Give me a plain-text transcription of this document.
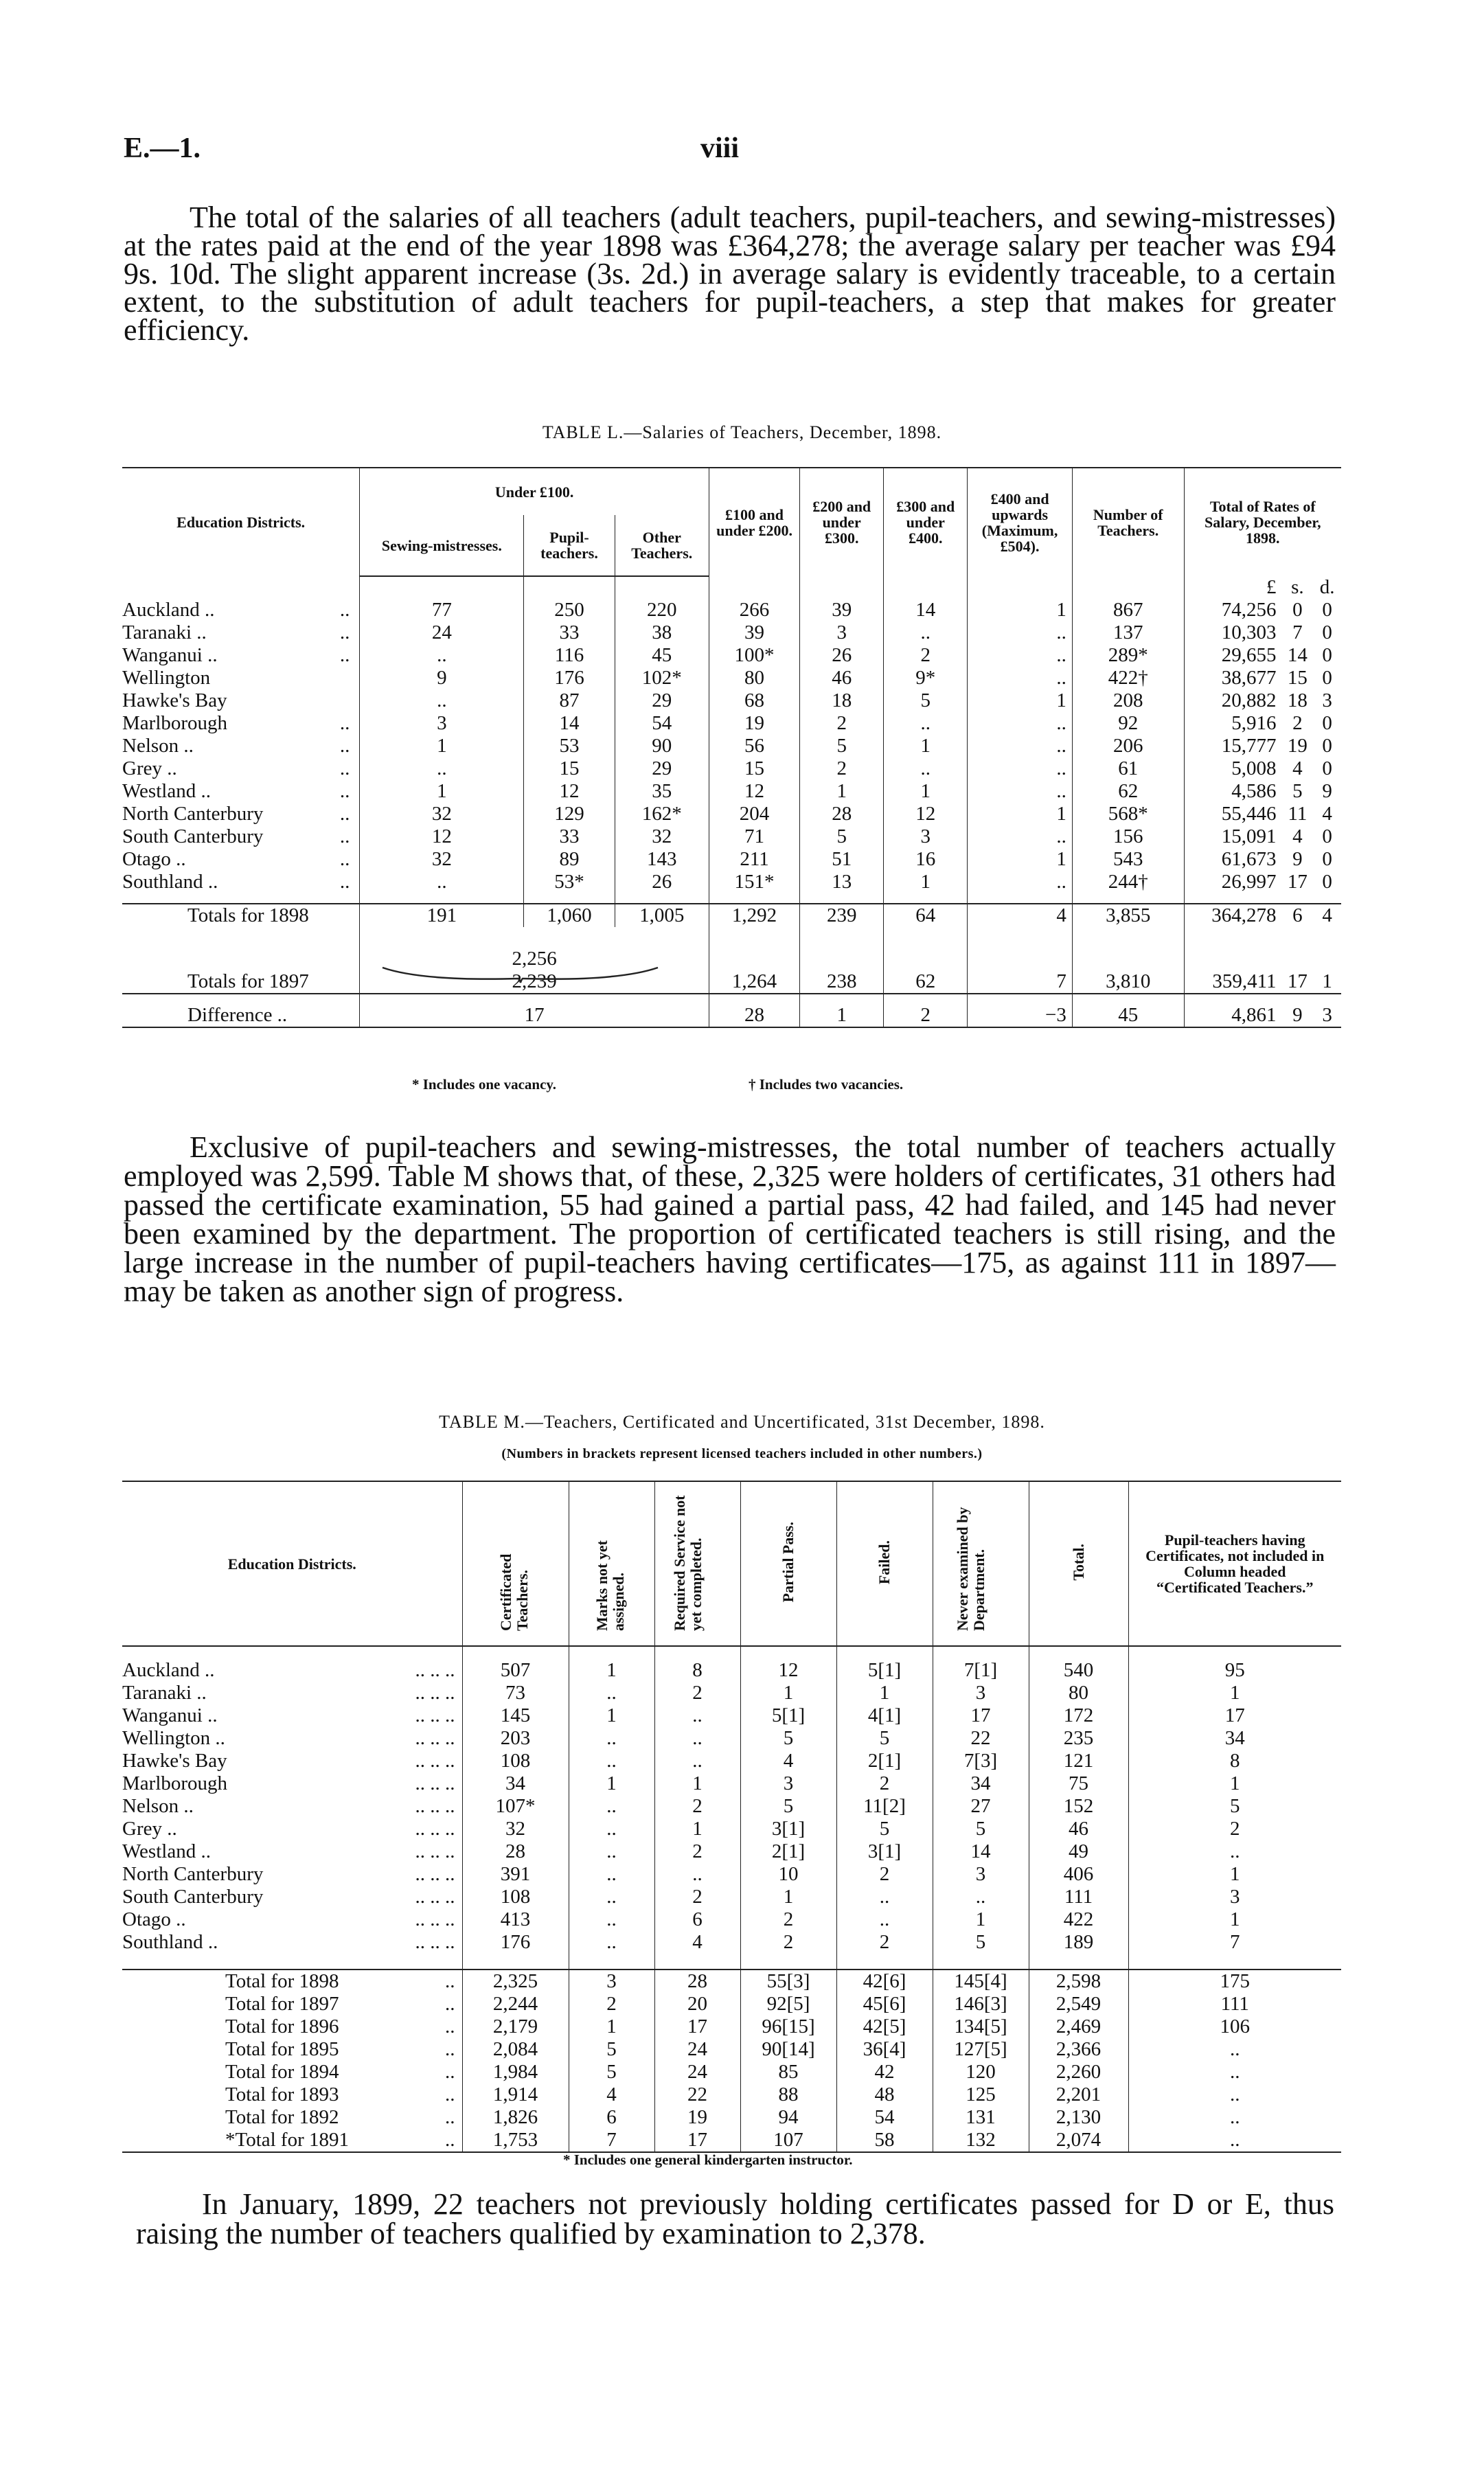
E.—1.	viii

The total of the salaries of all teachers (adult teachers, pupil-teachers, and sewing-mistresses) at the rates paid at the end of the year 1898 was £364,278; the average salary per teacher was £94 9s. 10d. The slight apparent increase (3s. 2d.) in average salary is evidently traceable, to a certain extent, to the substitution of adult teachers for pupil-teachers, a step that makes for greater efficiency.

TABLE L.—Salaries of Teachers, December, 1898.
Education Districts.	Under £100.			£100 and under £200.	£200 and under £300.	£300 and under £400.	£400 and upwards (Maximum, £504).	Number of Teachers.	Total of Rates of Salary, December, 1898.		
	Sewing-mistresses.	Pupil-teachers.	Other Teachers.								
									£	s.	d.
Auckland .. ..	77	250	220	266	39	14	1	867	74,256	0	0
Taranaki .. ..	24	33	38	39	3	..	..	137	10,303	7	0
Wanganui .. ..	..	116	45	100*	26	2	..	289*	29,655	14	0
Wellington	9	176	102*	80	46	9*	..	422†	38,677	15	0
Hawke's Bay	..	87	29	68	18	5	1	208	20,882	18	3
Marlborough ..	3	14	54	19	2	..	..	92	5,916	2	0
Nelson .. ..	1	53	90	56	5	1	..	206	15,777	19	0
Grey .. ..	..	15	29	15	2	..	..	61	5,008	4	0
Westland .. ..	1	12	35	12	1	1	..	62	4,586	5	9
North Canterbury ..	32	129	162*	204	28	12	1	568*	55,446	11	4
South Canterbury ..	12	33	32	71	5	3	..	156	15,091	4	0
Otago .. ..	32	89	143	211	51	16	1	543	61,673	9	0
Southland .. ..	..	53*	26	151*	13	1	..	244†	26,997	17	0

Totals for 1898	191	1,060	1,005	1,292	239	64	4	3,855	364,278	6	4

	2,256										
Totals for 1897	2,239			1,264	238	62	7	3,810	359,411	17	1

Difference ..	17			28	1	2	−3	45	4,861	9	3
* Includes one vacancy.	† Includes two vacancies.

Exclusive of pupil-teachers and sewing-mistresses, the total number of teachers actually employed was 2,599. Table M shows that, of these, 2,325 were holders of certificates, 31 others had passed the certificate examination, 55 had gained a partial pass, 42 had failed, and 145 had never been examined by the department. The proportion of certificated teachers is still rising, and the large increase in the number of pupil-teachers having certificates—175, as against 111 in 1897—may be taken as another sign of progress.

TABLE M.—Teachers, Certificated and Uncertificated, 31st December, 1898.
(Numbers in brackets represent licensed teachers included in other numbers.)
Education Districts.	Certificated Teachers.	Marks not yet assigned.	Required Service not yet completed.	Partial Pass.	Failed.	Never examined by Department.	Total.	Pupil-teachers having Certificates, not included in Column headed “Certificated Teachers.”

Auckland .. .. .. ..	507	1	8	12	5[1]	7[1]	540	95
Taranaki .. .. .. ..	73	..	2	1	1	3	80	1
Wanganui .. .. .. ..	145	1	..	5[1]	4[1]	17	172	17
Wellington .. .. .. ..	203	..	..	5	5	22	235	34
Hawke's Bay .. .. ..	108	..	..	4	2[1]	7[3]	121	8
Marlborough .. .. ..	34	1	1	3	2	34	75	1
Nelson .. .. .. ..	107*	..	2	5	11[2]	27	152	5
Grey .. .. .. ..	32	..	1	3[1]	5	5	46	2
Westland .. .. .. ..	28	..	2	2[1]	3[1]	14	49	..
North Canterbury .. .. ..	391	..	..	10	2	3	406	1
South Canterbury .. .. ..	108	..	2	1	..	..	111	3
Otago .. .. .. ..	413	..	6	2	..	1	422	1
Southland .. .. .. ..	176	..	4	2	2	5	189	7

Total for 1898 ..	2,325	3	28	55[3]	42[6]	145[4]	2,598	175
Total for 1897 ..	2,244	2	20	92[5]	45[6]	146[3]	2,549	111
Total for 1896 ..	2,179	1	17	96[15]	42[5]	134[5]	2,469	106
Total for 1895 ..	2,084	5	24	90[14]	36[4]	127[5]	2,366	..
Total for 1894 ..	1,984	5	24	85	42	120	2,260	..
Total for 1893 ..	1,914	4	22	88	48	125	2,201	..
Total for 1892 ..	1,826	6	19	94	54	131	2,130	..
*Total for 1891 ..	1,753	7	17	107	58	132	2,074	..
* Includes one general kindergarten instructor.

In January, 1899, 22 teachers not previously holding certificates passed for D or E, thus raising the number of teachers qualified by examination to 2,378.
